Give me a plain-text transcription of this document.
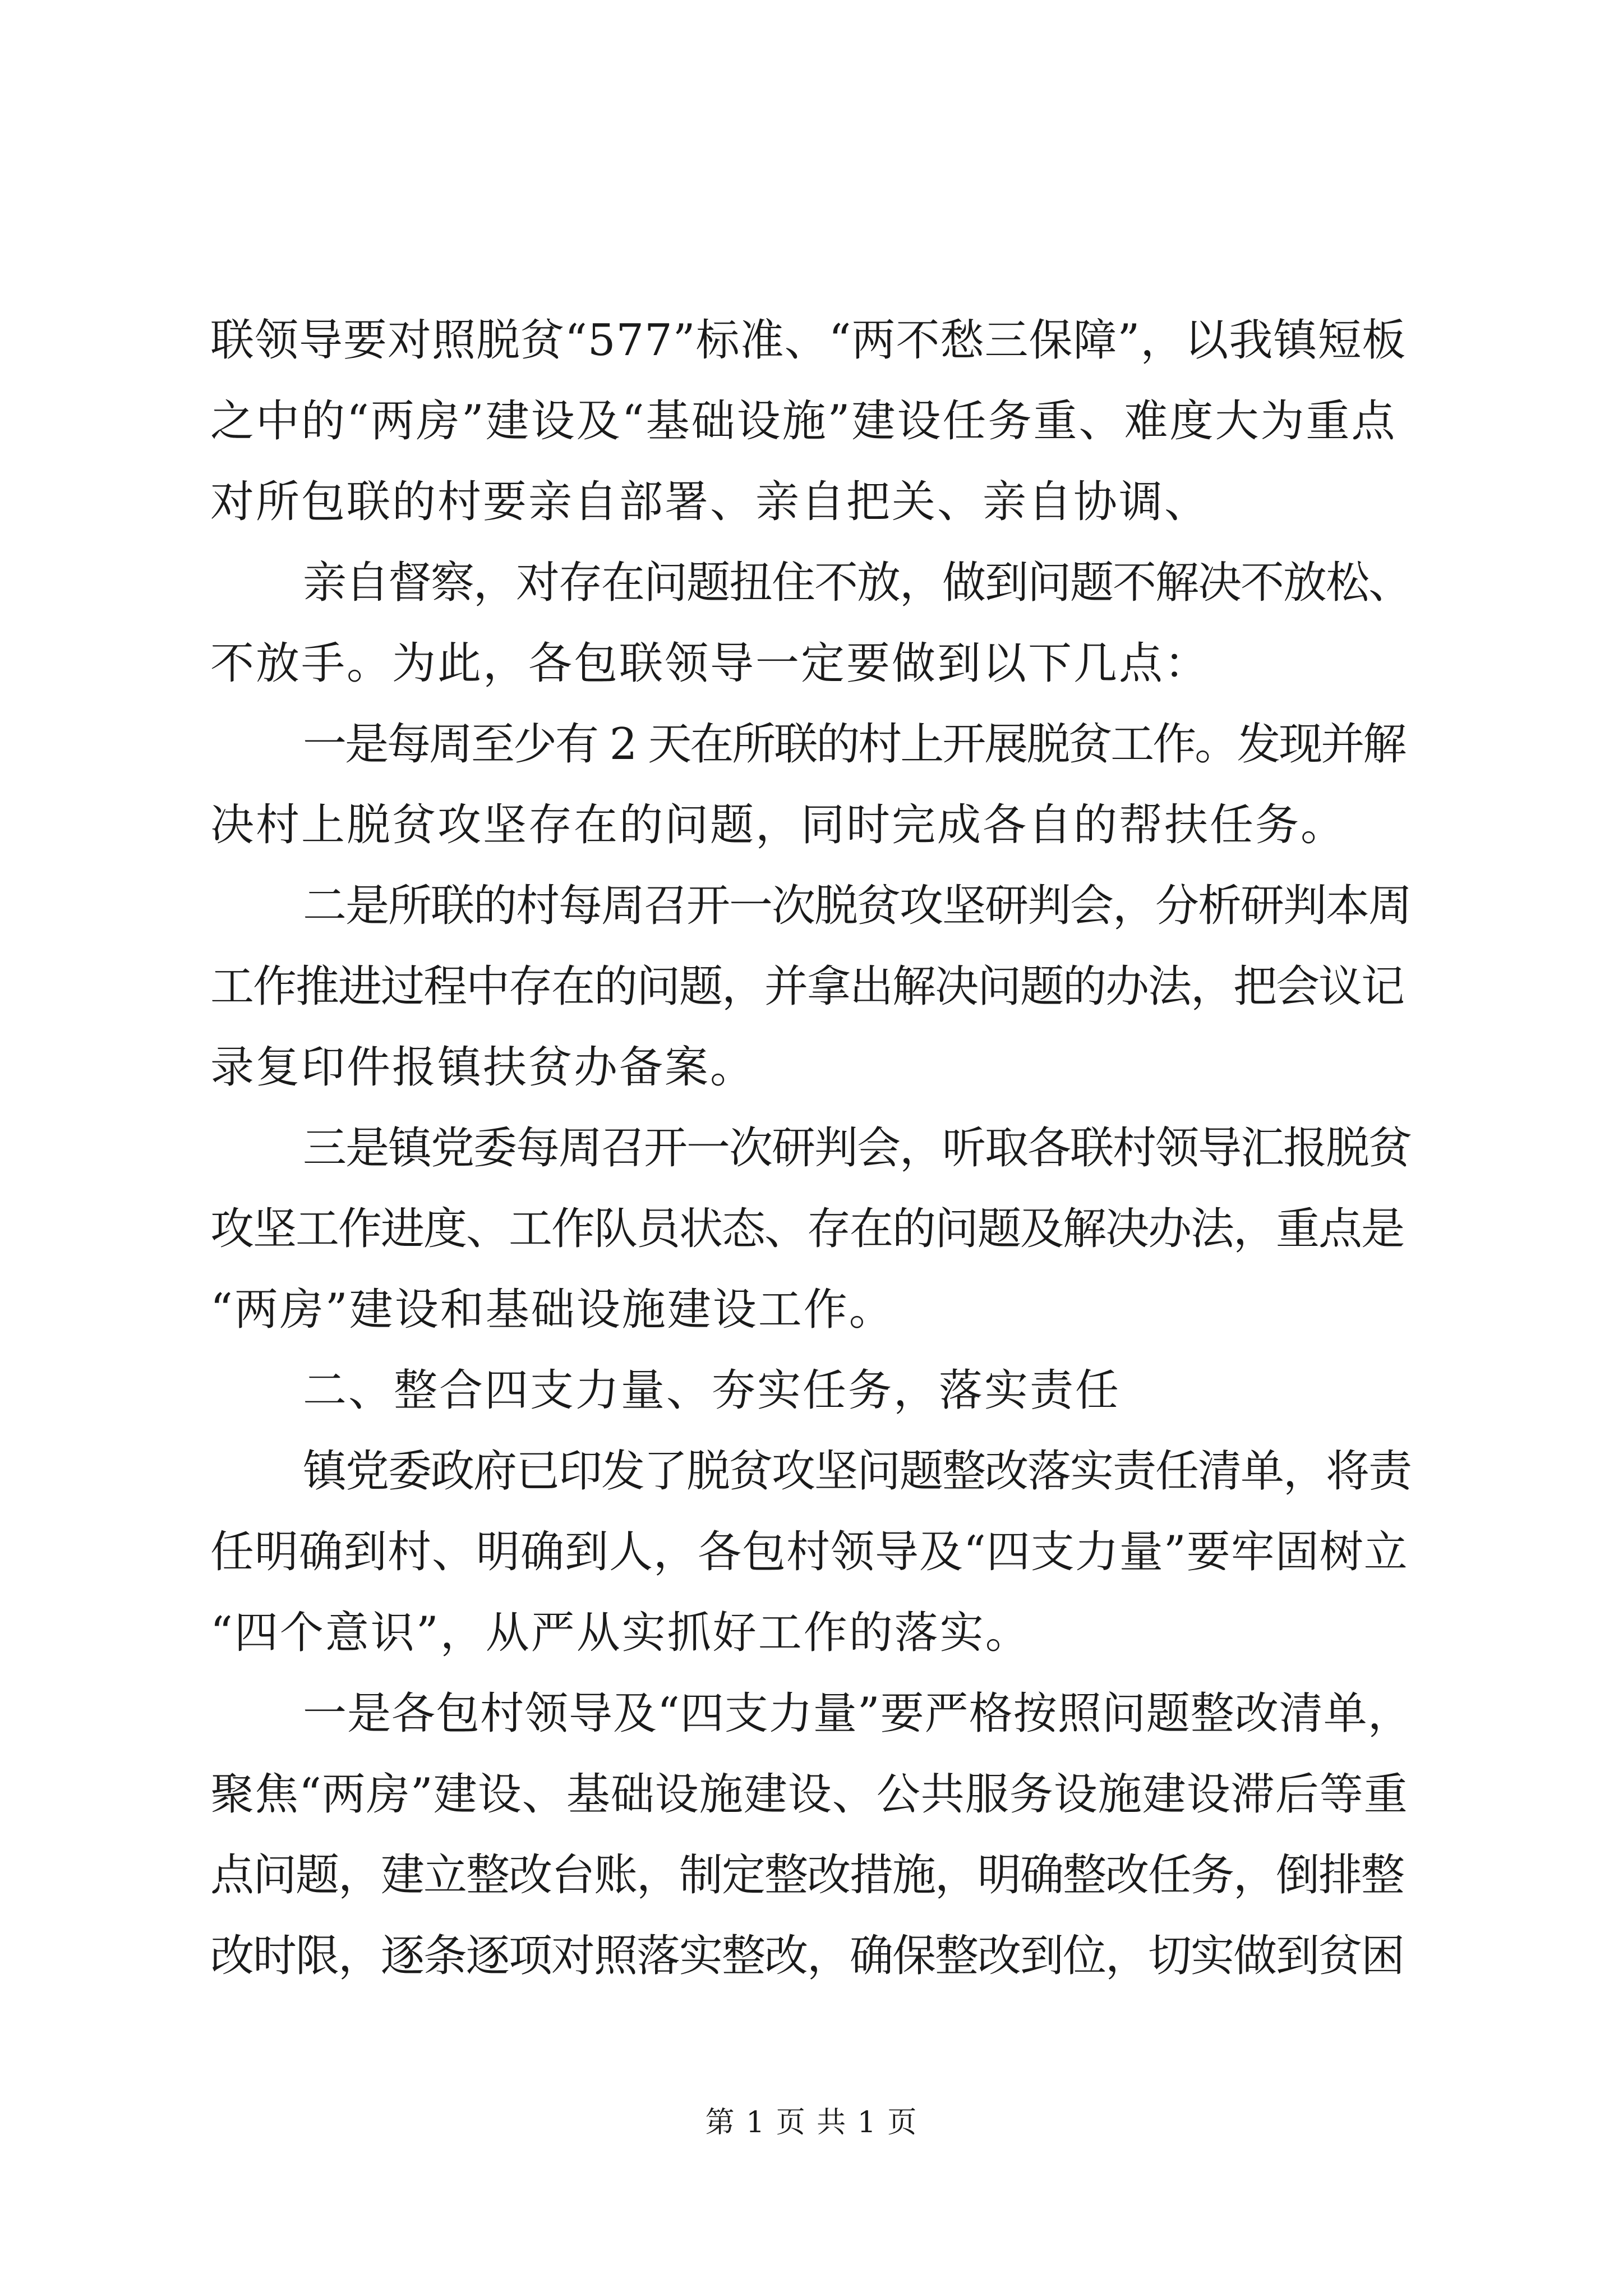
联领导要对照脱贫“577”标准、“两不愁三保障”，以我镇短板
之中的“两房”建设及“基础设施”建设任务重、难度大为重点
对所包联的村要亲自部署、亲自把关、亲自协调、
亲自督察，对存在问题扭住不放，做到问题不解决不放松、
不放手。为此，各包联领导一定要做到以下几点：
一是每周至少有 2 天在所联的村上开展脱贫工作。发现并解
决村上脱贫攻坚存在的问题，同时完成各自的帮扶任务。
二是所联的村每周召开一次脱贫攻坚研判会，分析研判本周
工作推进过程中存在的问题，并拿出解决问题的办法，把会议记
录复印件报镇扶贫办备案。
三是镇党委每周召开一次研判会，听取各联村领导汇报脱贫
攻坚工作进度、工作队员状态、存在的问题及解决办法，重点是
“两房”建设和基础设施建设工作。
二、整合四支力量、夯实任务，落实责任
镇党委政府已印发了脱贫攻坚问题整改落实责任清单，将责
任明确到村、明确到人，各包村领导及“四支力量”要牢固树立
“四个意识”，从严从实抓好工作的落实。
一是各包村领导及“四支力量”要严格按照问题整改清单，
聚焦“两房”建设、基础设施建设、公共服务设施建设滞后等重
点问题，建立整改台账，制定整改措施，明确整改任务，倒排整
改时限，逐条逐项对照落实整改，确保整改到位，切实做到贫困
第 1 页 共 1 页
